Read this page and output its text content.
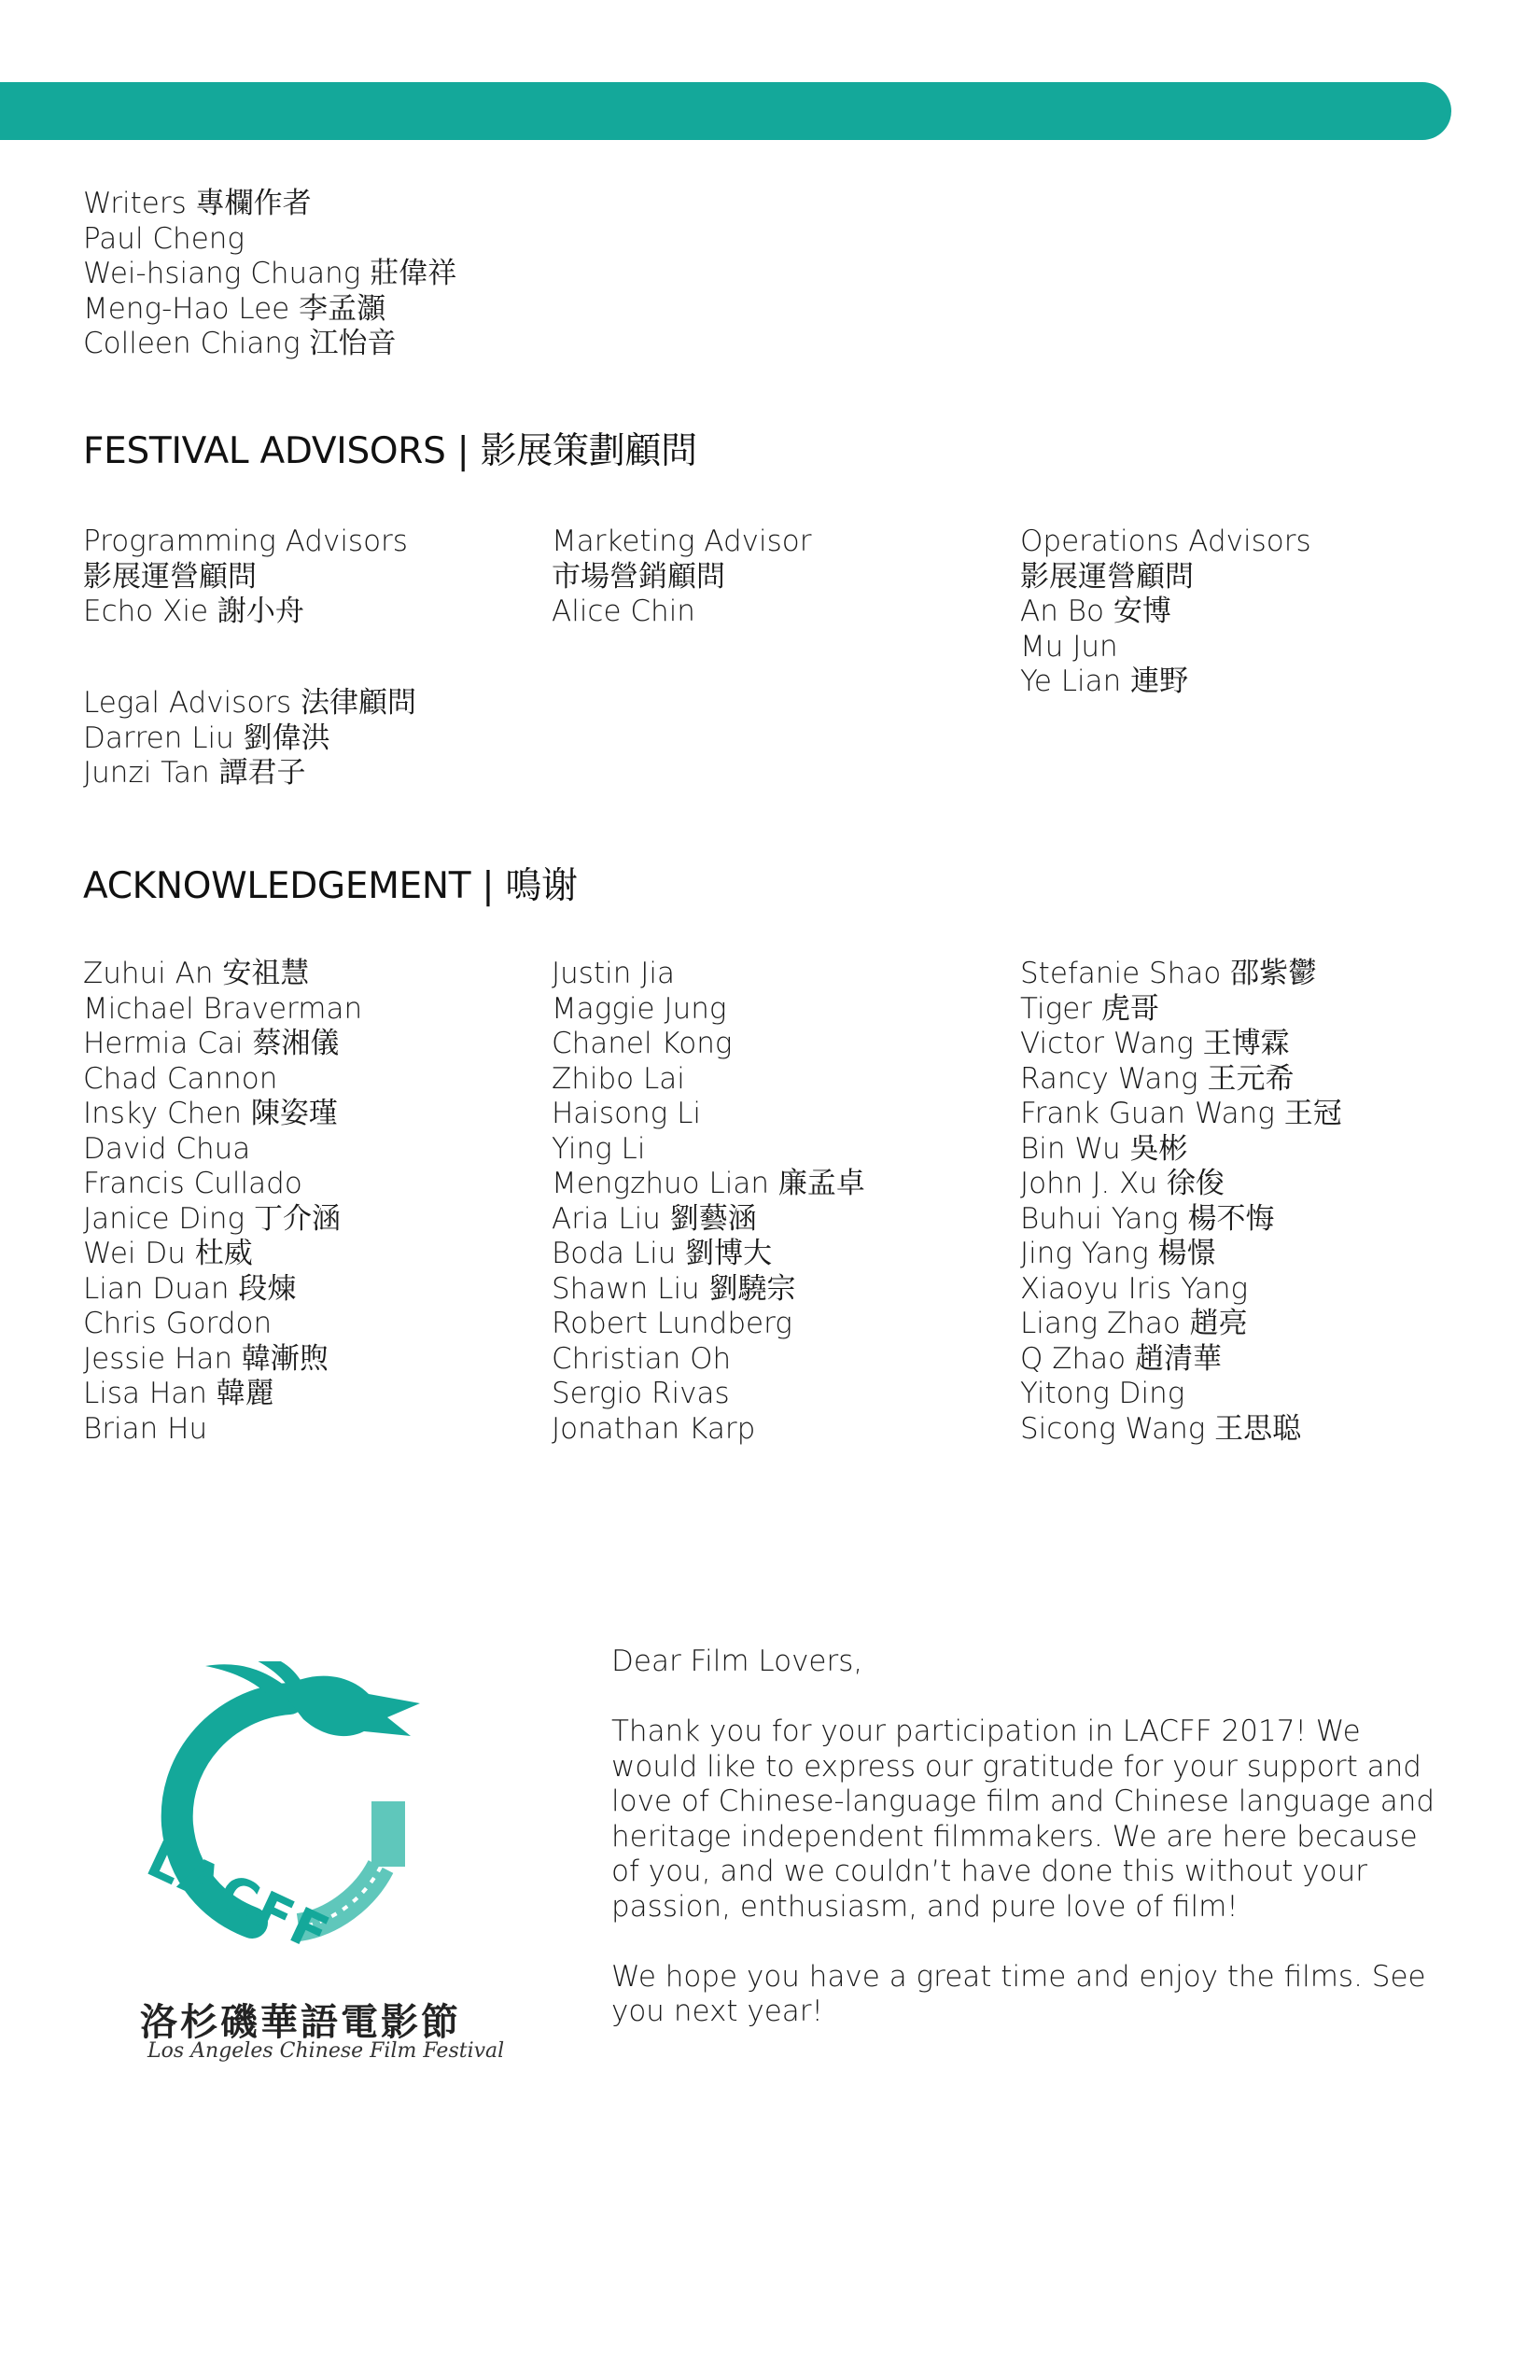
Writers 專欄作者
Paul Cheng
Wei-hsiang Chuang 莊偉祥
Meng-Hao Lee 李孟灝
Colleen Chiang 江怡音
FESTIVAL ADVISORS | 影展策劃顧問
Programming Advisors
影展運營顧問
Echo Xie 謝小舟
Marketing Advisor
市場營銷顧問
Alice Chin
Operations Advisors
影展運營顧問
An Bo 安博
Mu Jun
Ye Lian 連野
Legal Advisors 法律顧問
Darren Liu 劉偉洪
Junzi Tan 譚君子
ACKNOWLEDGEMENT | 鳴谢
Zuhui An 安祖慧
Michael Braverman
Hermia Cai 蔡湘儀
Chad Cannon
Insky Chen 陳姿瑾
David Chua
Francis Cullado
Janice Ding 丁介涵
Wei Du 杜威
Lian Duan 段煉
Chris Gordon
Jessie Han 韓漸煦
Lisa Han 韓麗
Brian Hu
Justin Jia
Maggie Jung
Chanel Kong
Zhibo Lai
Haisong Li
Ying Li
Mengzhuo Lian 廉孟卓
Aria Liu 劉藝涵
Boda Liu 劉博大
Shawn Liu 劉驍宗
Robert Lundberg
Christian Oh
Sergio Rivas
Jonathan Karp
Stefanie Shao 邵紫鬱
Tiger 虎哥
Victor Wang 王博霖
Rancy Wang 王元希
Frank Guan Wang 王冠
Bin Wu 吳彬
John J. Xu 徐俊
Buhui Yang 楊不悔
Jing Yang 楊憬
Xiaoyu Iris Yang
Liang Zhao 趙亮
Q Zhao 趙清華
Yitong Ding
Sicong Wang 王思聪
LACFF
洛杉磯華語電影節
Los Angeles Chinese Film Festival

Dear Film Lovers,

Thank you for your participation in LACFF 2017! We would like to express our gratitude for your support and love of Chinese-language film and Chinese language and heritage independent filmmakers. We are here because of you, and we couldn’t have done this without your passion, enthusiasm, and pure love of film!

We hope you have a great time and enjoy the films. See you next year!
